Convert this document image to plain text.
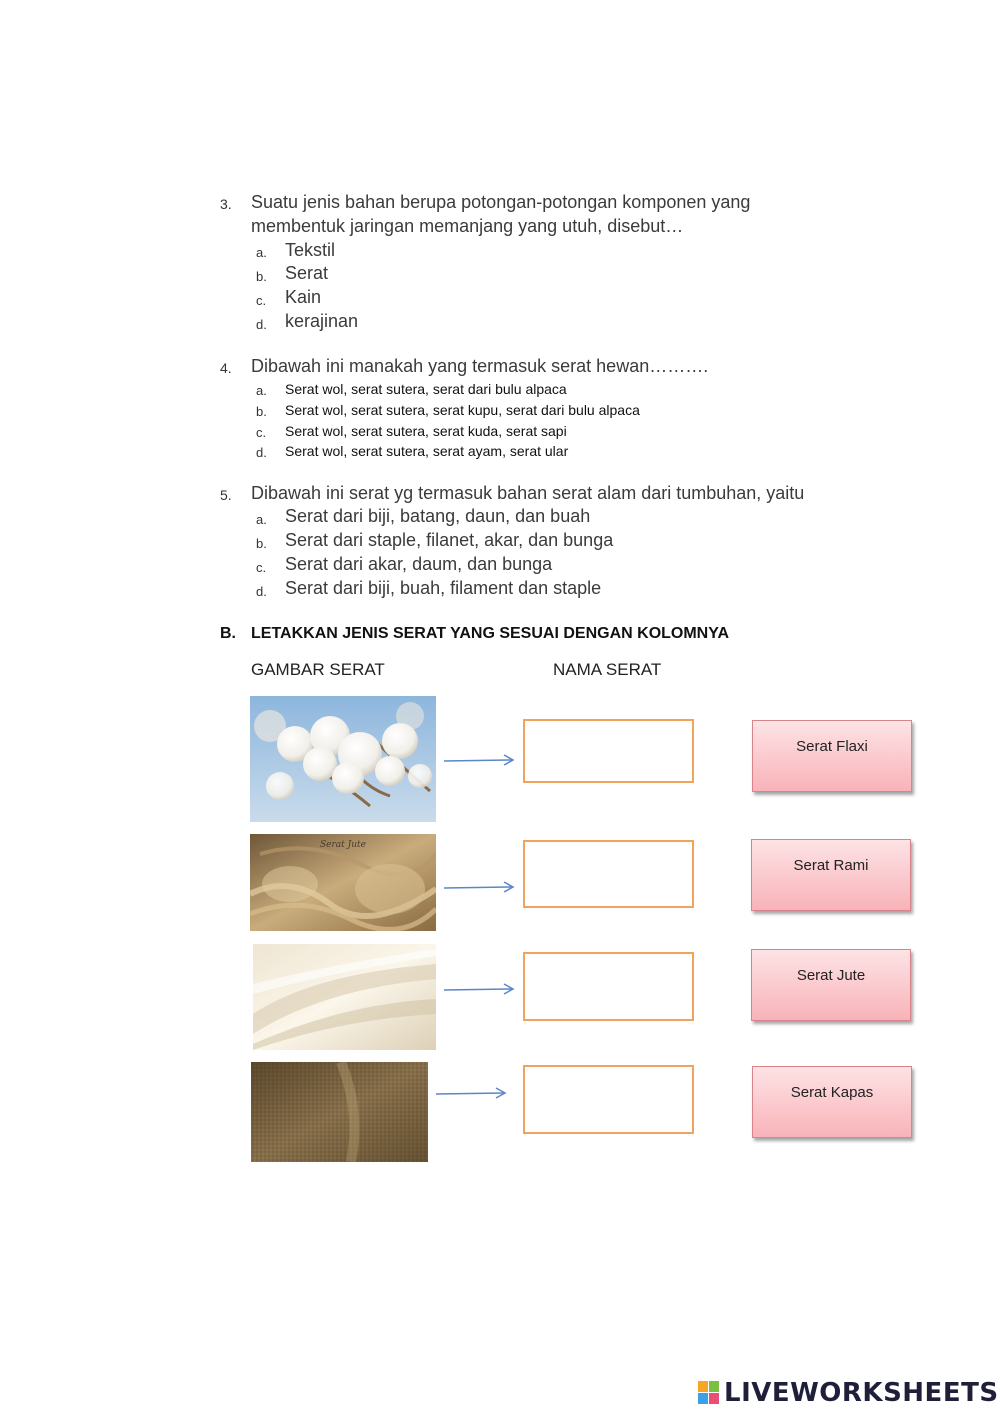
3. Suatu jenis bahan berupa potongan-potongan komponen yang
membentuk jaringan memanjang yang utuh, disebut…
a. Tekstil
b. Serat
c. Kain
d. kerajinan
4. Dibawah ini manakah yang termasuk serat hewan……….
a. Serat wol, serat sutera, serat dari bulu alpaca
b. Serat wol, serat sutera, serat kupu, serat dari bulu alpaca
c. Serat wol, serat sutera, serat kuda, serat sapi
d. Serat wol, serat sutera, serat ayam, serat ular
5. Dibawah ini serat yg termasuk bahan serat alam dari tumbuhan, yaitu
a. Serat dari biji, batang, daun, dan buah
b. Serat dari staple, filanet, akar, dan bunga
c. Serat dari akar, daum, dan bunga
d. Serat dari biji, buah, filament dan staple
B. LETAKKAN JENIS SERAT YANG SESUAI DENGAN KOLOMNYA
GAMBAR SERAT	NAMA SERAT
Serat Jute
Serat Flaxi
Serat Rami
Serat Jute
Serat Kapas
LIVEWORKSHEETS
